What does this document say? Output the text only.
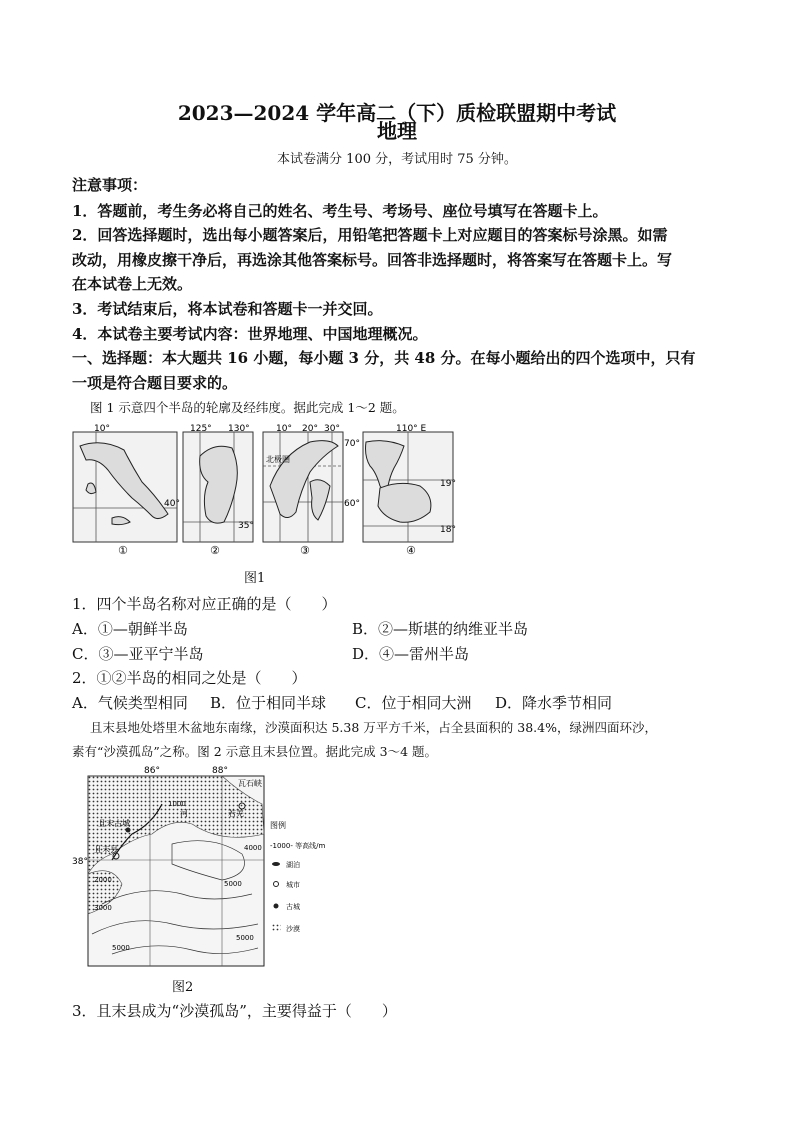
2023—2024 学年高二（下）质检联盟期中考试
地理
本试卷满分 100 分，考试用时 75 分钟。
注意事项：
1．答题前，考生务必将自己的姓名、考生号、考场号、座位号填写在答题卡上。
2．回答选择题时，选出每小题答案后，用铅笔把答题卡上对应题目的答案标号涂黑。如需
改动，用橡皮擦干净后，再选涂其他答案标号。回答非选择题时，将答案写在答题卡上。写
在本试卷上无效。
3．考试结束后，将本试卷和答题卡一并交回。
4．本试卷主要考试内容：世界地理、中国地理概况。
一、选择题：本大题共 16 小题，每小题 3 分，共 48 分。在每小题给出的四个选项中，只有
一项是符合题目要求的。
图 1 示意四个半岛的轮廓及经纬度。据此完成 1～2 题。
10°
40°
①
125° 130°
35°
②
10° 20° 30°
70°
60°
北极圈
③
110° E
19°
18°
④
图1
1．四个半岛名称对应正确的是（　　）
A．①—朝鲜半岛	B．②—斯堪的纳维亚半岛
C．③—亚平宁半岛	D．④—雷州半岛
2．①②半岛的相同之处是（　　）
A．气候类型相同 B．位于相同半球 C．位于相同大洲 D．降水季节相同
且末县地处塔里木盆地东南缘，沙漠面积达 5.38 万平方千米，占全县面积的 38.4%，绿洲四面环沙，
素有“沙漠孤岛”之称。图 2 示意且末县位置。据此完成 3～4 题。
86°	88°
38°
且末古城
且末县
若羌
瓦石峡
河
1000
2000
3000
4000
5000
5000
5000
图例
-1000- 等高线/m
湖泊
城市
古城
沙漠
图2
3．且末县成为“沙漠孤岛”，主要得益于（　　）
